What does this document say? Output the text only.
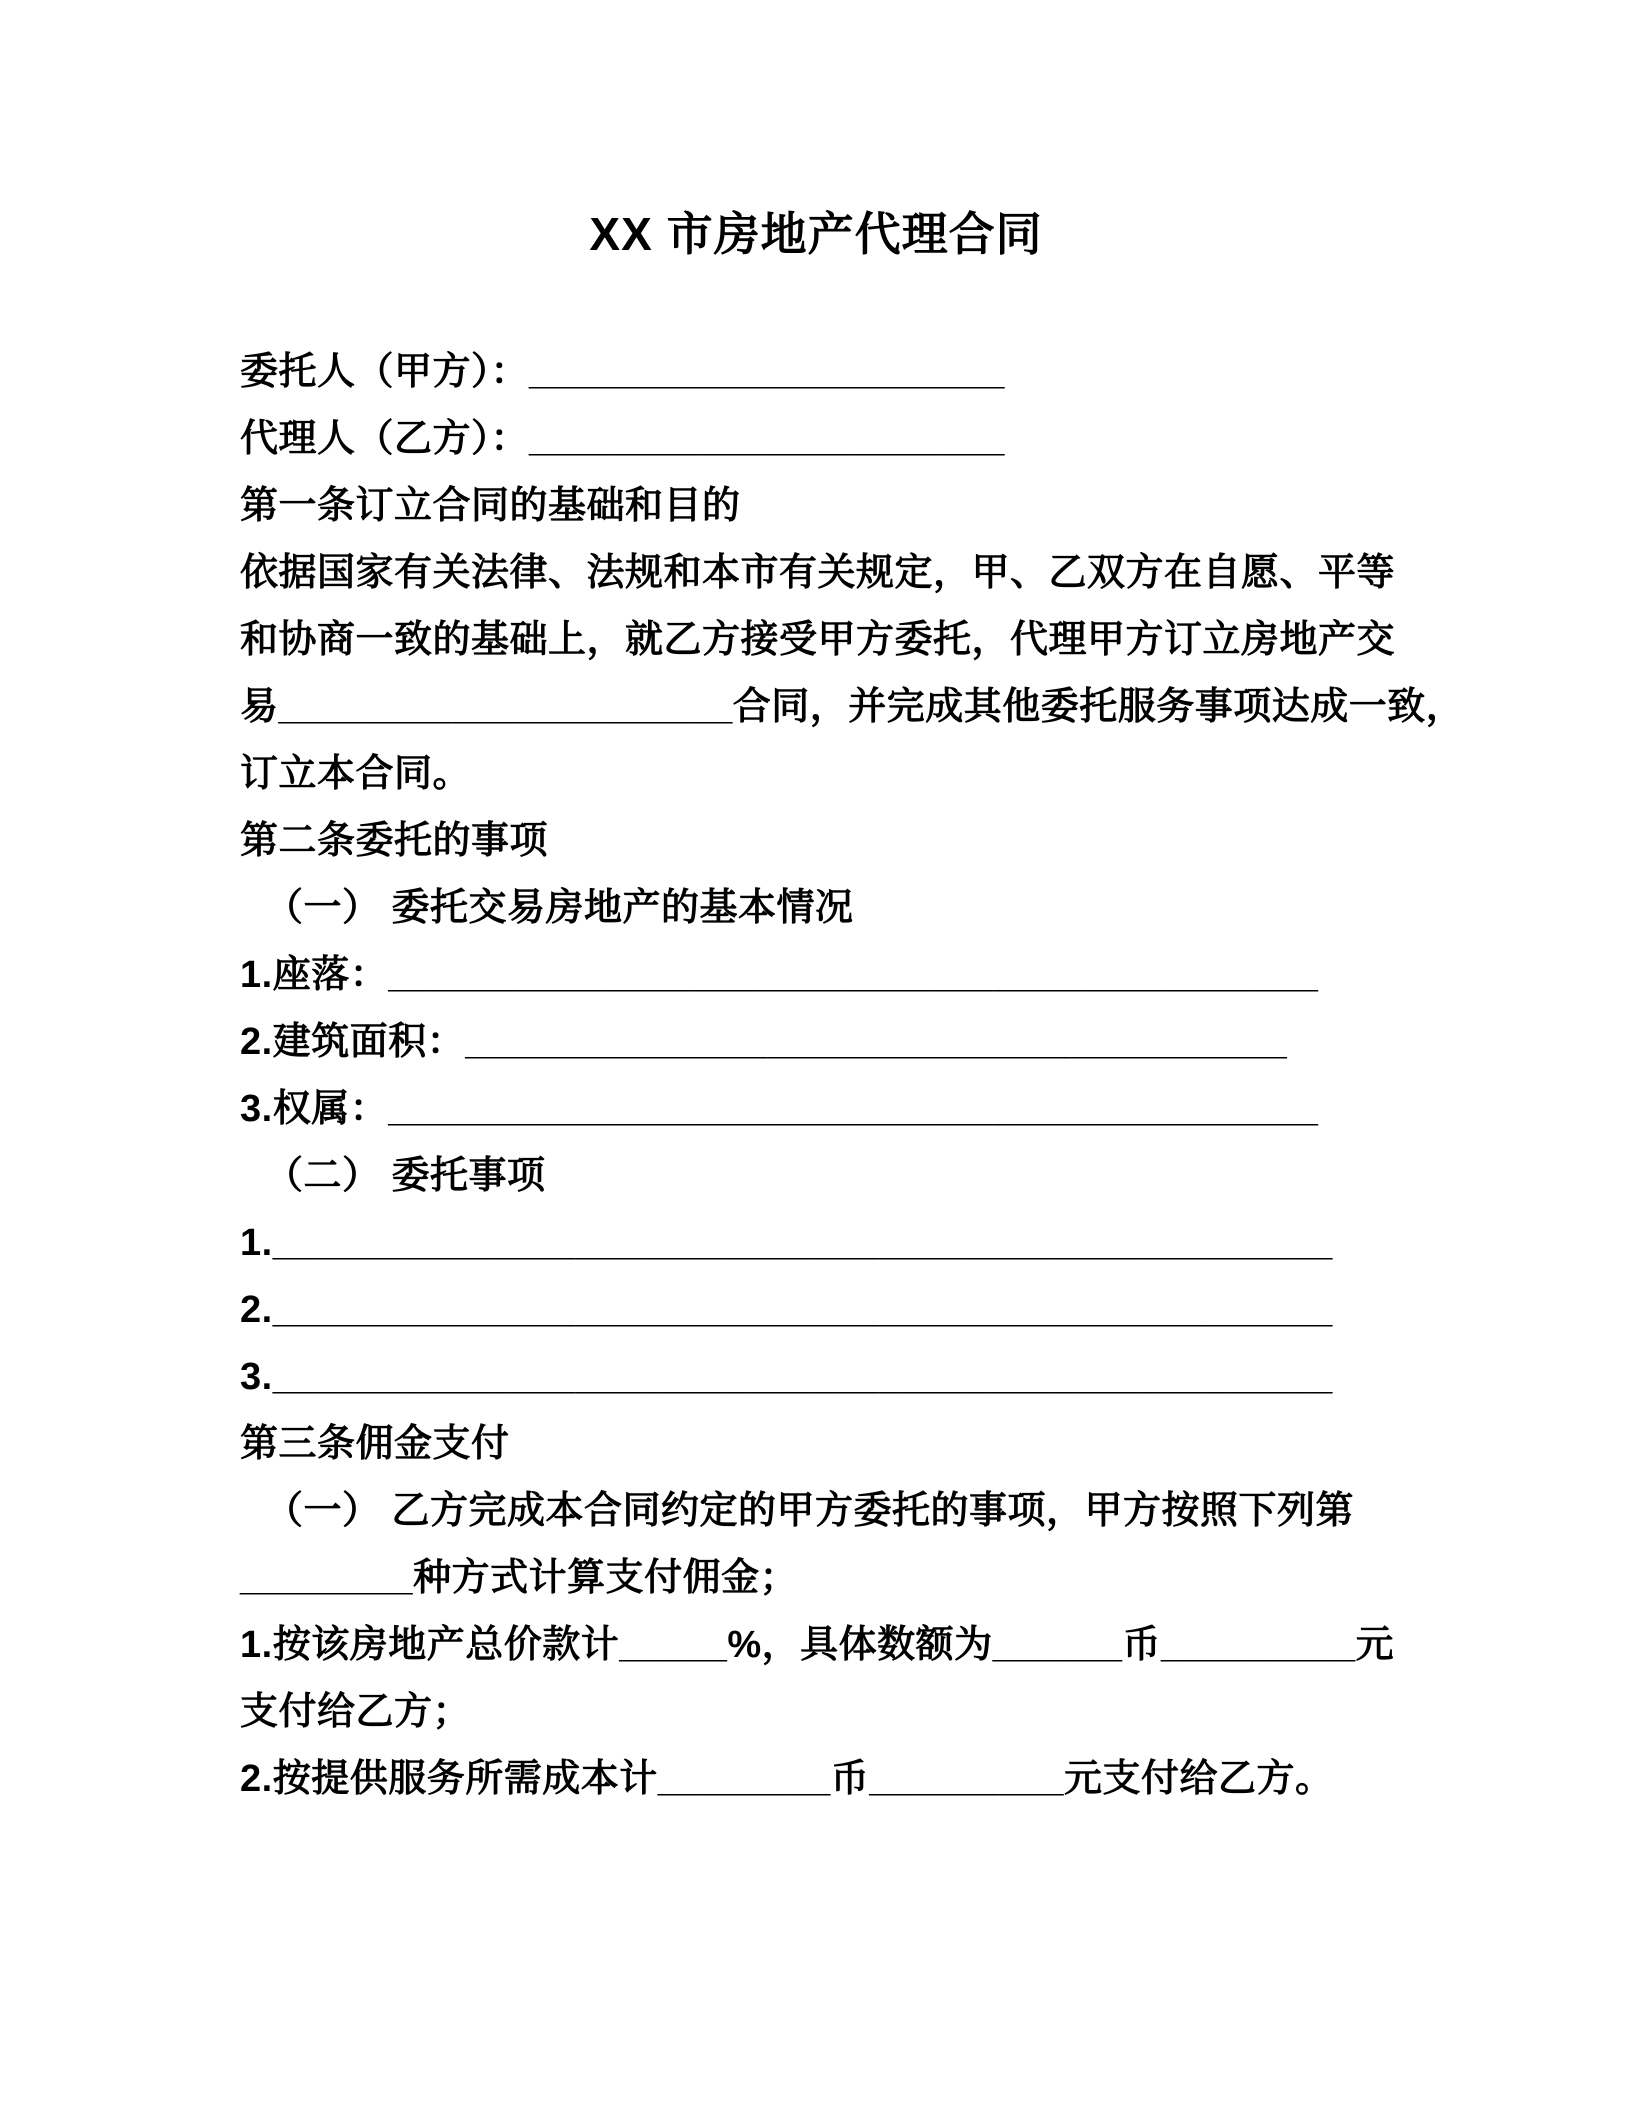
XX 市房地产代理合同
委托人（甲方）：______________________
代理人（乙方）：______________________
第一条订立合同的基础和目的
依据国家有关法律、法规和本市有关规定，甲、乙双方在自愿、平等
和协商一致的基础上，就乙方接受甲方委托，代理甲方订立房地产交
易_____________________合同，并完成其他委托服务事项达成一致，
订立本合同。
第二条委托的事项
（一） 委托交易房地产的基本情况
1.座落：___________________________________________
2.建筑面积：______________________________________
3.权属：___________________________________________
（二） 委托事项
1._________________________________________________
2._________________________________________________
3._________________________________________________
第三条佣金支付
（一） 乙方完成本合同约定的甲方委托的事项，甲方按照下列第
________种方式计算支付佣金；
1.按该房地产总价款计_____%，具体数额为______币_________元
支付给乙方；
2.按提供服务所需成本计________币_________元支付给乙方。
